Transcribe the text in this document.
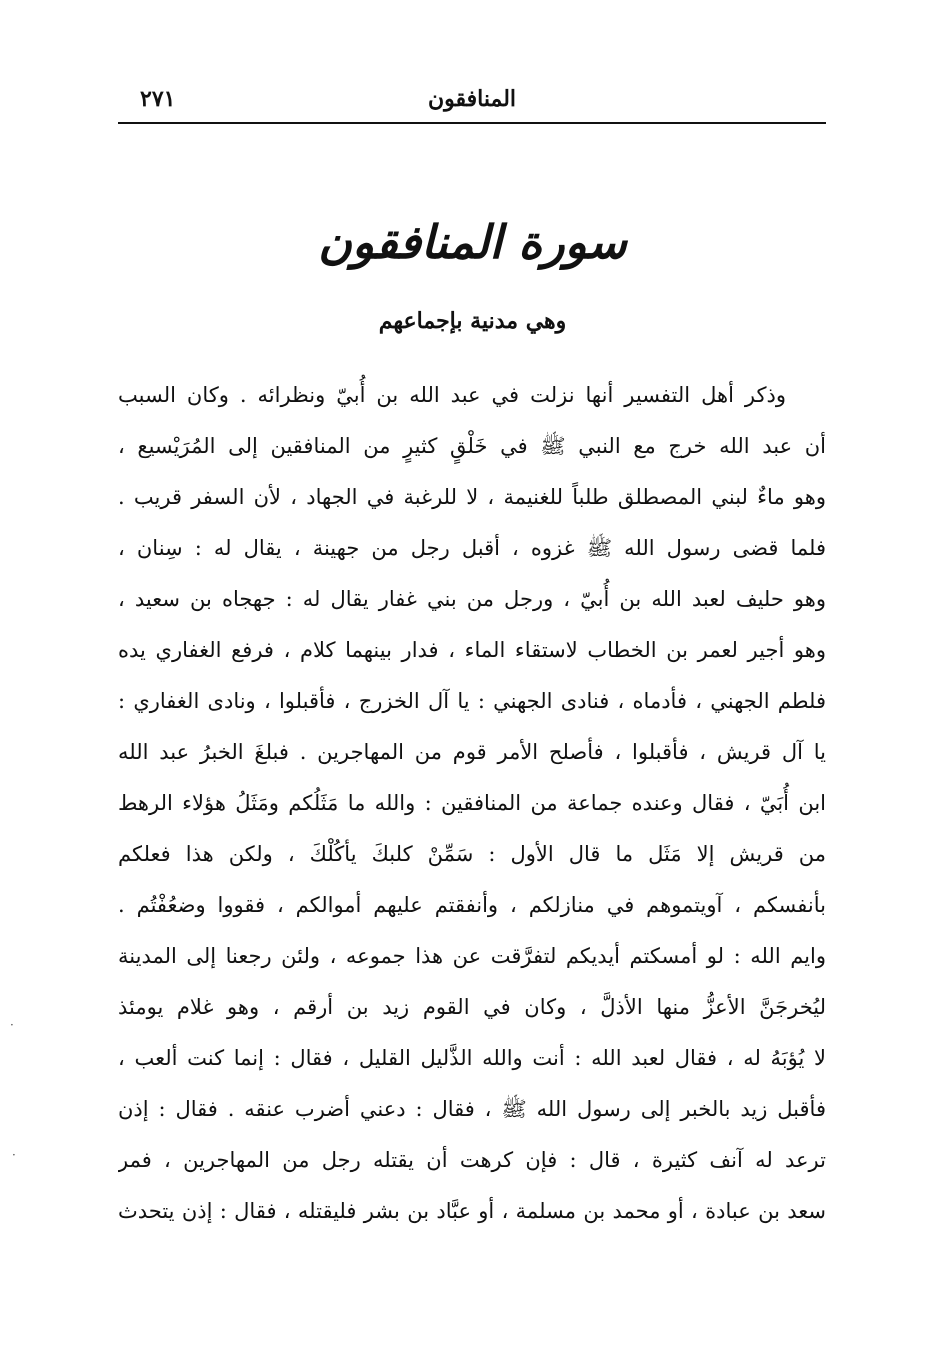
المنافقون
٢٧١
سورة المنافقون
وهي مدنية بإجماعهم
وذكر أهل التفسير أنها نزلت في عبد الله بن أُبيّ ونظرائه . وكان السبب
أن عبد الله خرج مع النبي ﷺ في خَلْقٍ كثيرٍ من المنافقين إلى المُرَيْسيع ،
وهو ماءٌ لبني المصطلق طلباً للغنيمة ، لا للرغبة في الجهاد ، لأن السفر قريب .
فلما قضى رسول الله ﷺ غزوه ، أقبل رجل من جهينة ، يقال له : سِنان ،
وهو حليف لعبد الله بن أُبيّ ، ورجل من بني غفار يقال له : جهجاه بن سعيد ،
وهو أجير لعمر بن الخطاب لاستقاء الماء ، فدار بينهما كلام ، فرفع الغفاري يده
فلطم الجهني ، فأدماه ، فنادى الجهني : يا آل الخزرج ، فأقبلوا ، ونادى الغفاري :
يا آل قريش ، فأقبلوا ، فأصلح الأمر قوم من المهاجرين . فبلغَ الخبرُ عبد الله
ابن أُبَيّ ، فقال وعنده جماعة من المنافقين : والله ما مَثَلُكم ومَثَلُ هؤلاء الرهط
من قريش إلا مَثَل ما قال الأول : سَمِّنْ كلبكَ يأكُلْكَ ، ولكن هذا فعلكم
بأنفسكم ، آويتموهم في منازلكم ، وأنفقتم عليهم أموالكم ، فقووا وضعُفْتُم .
وايم الله : لو أمسكتم أيديكم لتفرَّقت عن هذا جموعه ، ولئن رجعنا إلى المدينة
ليُخرجَنَّ الأعزُّ منها الأذلَّ ، وكان في القوم زيد بن أرقم ، وهو غلام يومئذ
لا يُؤبَهُ له ، فقال لعبد الله : أنت والله الذَّليل القليل ، فقال : إنما كنت ألعب ،
فأقبل زيد بالخبر إلى رسول الله ﷺ ، فقال : دعني أضرب عنقه . فقال : إذن
ترعد له آنف كثيرة ، قال : فإن كرهت أن يقتله رجل من المهاجرين ، فمر
سعد بن عبادة ، أو محمد بن مسلمة ، أو عبَّاد بن بشر فليقتله ، فقال : إذن يتحدث
·
·
